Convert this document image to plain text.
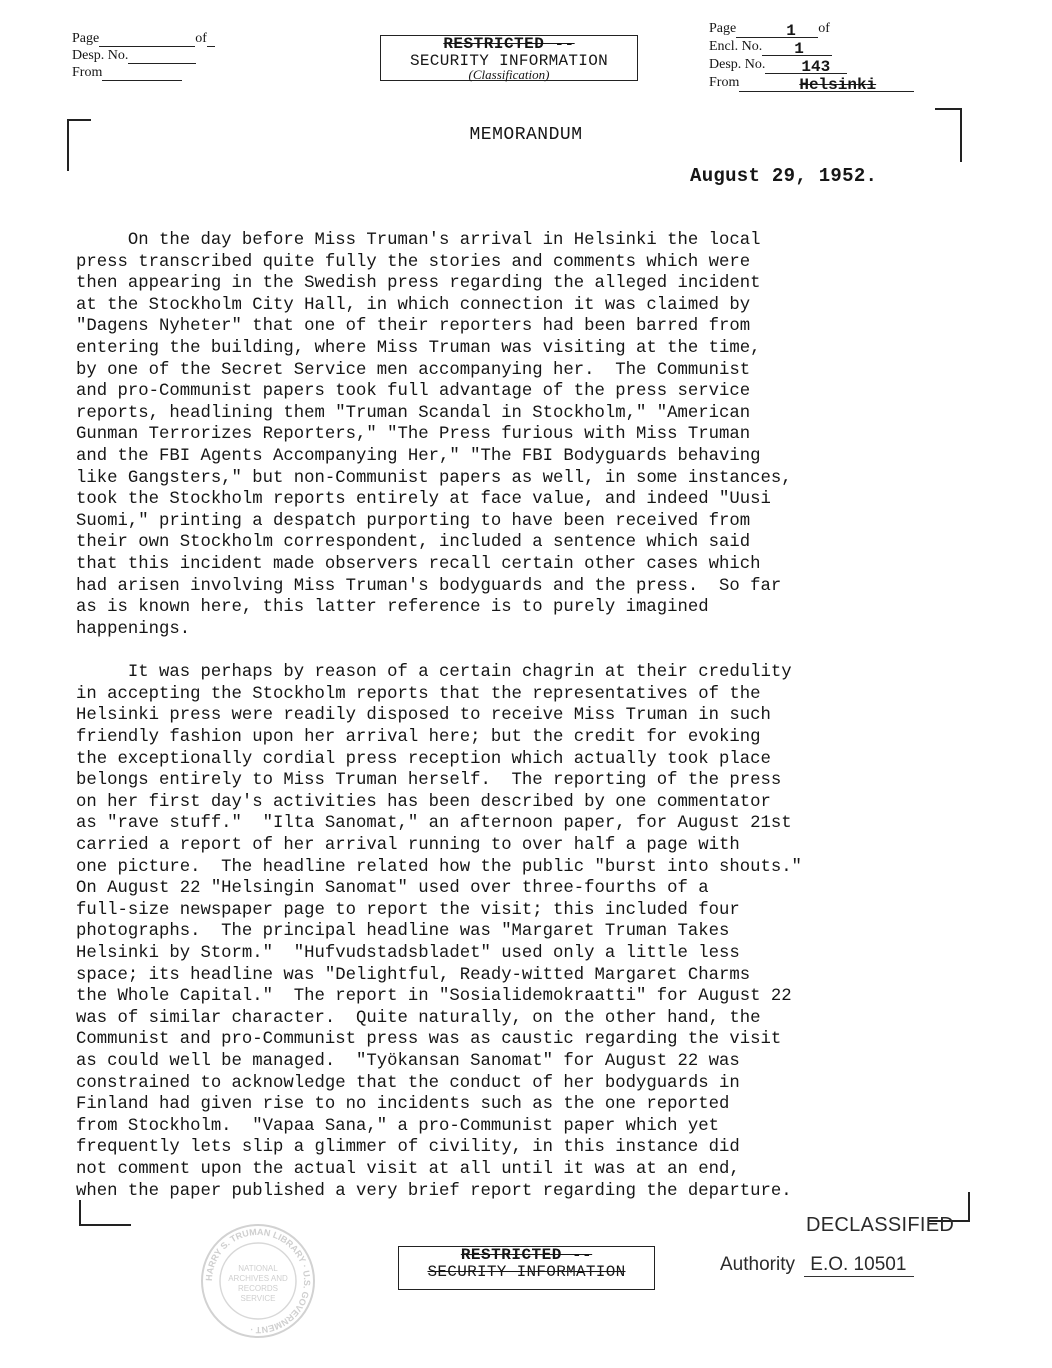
Page	of
Desp. No.
From
RESTRICTED --
SECURITY INFORMATION
(Classification)
Page	1 of
Encl. No. 1
Desp. No. 143
From	Helsinki
MEMORANDUM
August 29, 1952.
On the day before Miss Truman's arrival in Helsinki the local
press transcribed quite fully the stories and comments which were
then appearing in the Swedish press regarding the alleged incident
at the Stockholm City Hall, in which connection it was claimed by
"Dagens Nyheter" that one of their reporters had been barred from
entering the building, where Miss Truman was visiting at the time,
by one of the Secret Service men accompanying her.  The Communist
and pro-Communist papers took full advantage of the press service
reports, headlining them "Truman Scandal in Stockholm," "American
Gunman Terrorizes Reporters," "The Press furious with Miss Truman
and the FBI Agents Accompanying Her," "The FBI Bodyguards behaving
like Gangsters," but non-Communist papers as well, in some instances,
took the Stockholm reports entirely at face value, and indeed "Uusi
Suomi," printing a despatch purporting to have been received from
their own Stockholm correspondent, included a sentence which said
that this incident made observers recall certain other cases which
had arisen involving Miss Truman's bodyguards and the press.  So far
as is known here, this latter reference is to purely imagined
happenings.
It was perhaps by reason of a certain chagrin at their credulity
in accepting the Stockholm reports that the representatives of the
Helsinki press were readily disposed to receive Miss Truman in such
friendly fashion upon her arrival here; but the credit for evoking
the exceptionally cordial press reception which actually took place
belongs entirely to Miss Truman herself.  The reporting of the press
on her first day's activities has been described by one commentator
as "rave stuff."  "Ilta Sanomat," an afternoon paper, for August 21st
carried a report of her arrival running to over half a page with
one picture.  The headline related how the public "burst into shouts."
On August 22 "Helsingin Sanomat" used over three-fourths of a
full-size newspaper page to report the visit; this included four
photographs.  The principal headline was "Margaret Truman Takes
Helsinki by Storm."  "Hufvudstadsbladet" used only a little less
space; its headline was "Delightful, Ready-witted Margaret Charms
the Whole Capital."  The report in "Sosialidemokraatti" for August 22
was of similar character.  Quite naturally, on the other hand, the
Communist and pro-Communist press was as caustic regarding the visit
as could well be managed.  "Työkansan Sanomat" for August 22 was
constrained to acknowledge that the conduct of her bodyguards in
Finland had given rise to no incidents such as the one reported
from Stockholm.  "Vapaa Sana," a pro-Communist paper which yet
frequently lets slip a glimmer of civility, in this instance did
not comment upon the actual visit at all until it was at an end,
when the paper published a very brief report regarding the departure.
DECLASSIFIED
Authority E.O. 10501
HARRY S. TRUMAN LIBRARY · U.S. GOVERNMENT ·
NATIONAL
ARCHIVES AND
RECORDS
SERVICE
RESTRICTED --
SECURITY INFORMATION
